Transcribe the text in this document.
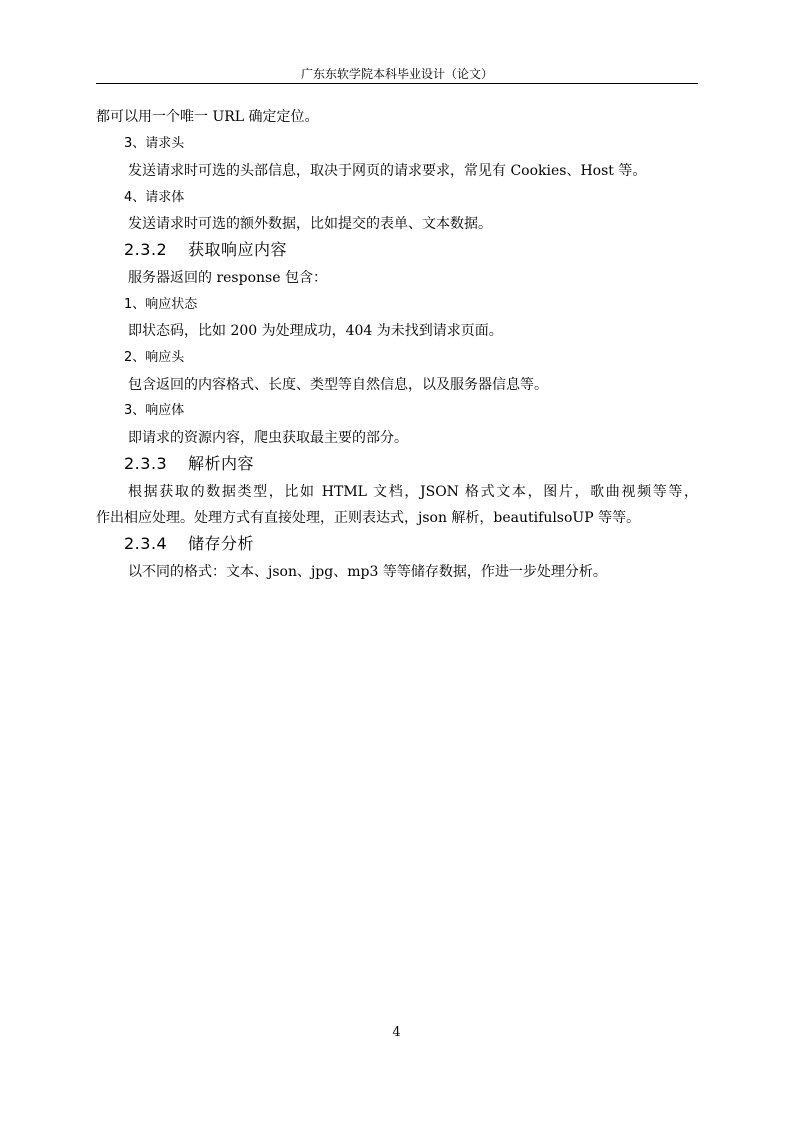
广东东软学院本科毕业设计（论文）

都可以用一个唯一 URL 确定定位。

3、请求头

发送请求时可选的头部信息，取决于网页的请求要求，常见有 Cookies、Host 等。

4、请求体

发送请求时可选的额外数据，比如提交的表单、文本数据。

2.3.2 获取响应内容

服务器返回的 response 包含：

1、响应状态

即状态码，比如 200 为处理成功，404 为未找到请求页面。

2、响应头

包含返回的内容格式、长度、类型等自然信息，以及服务器信息等。

3、响应体

即请求的资源内容，爬虫获取最主要的部分。

2.3.3 解析内容

根据获取的数据类型，比如 HTML 文档，JSON 格式文本，图片，歌曲视频等等，

作出相应处理。处理方式有直接处理，正则表达式，json 解析，beautifulsoUP 等等。

2.3.4 储存分析

以不同的格式：文本、json、jpg、mp3 等等储存数据，作进一步处理分析。

4
